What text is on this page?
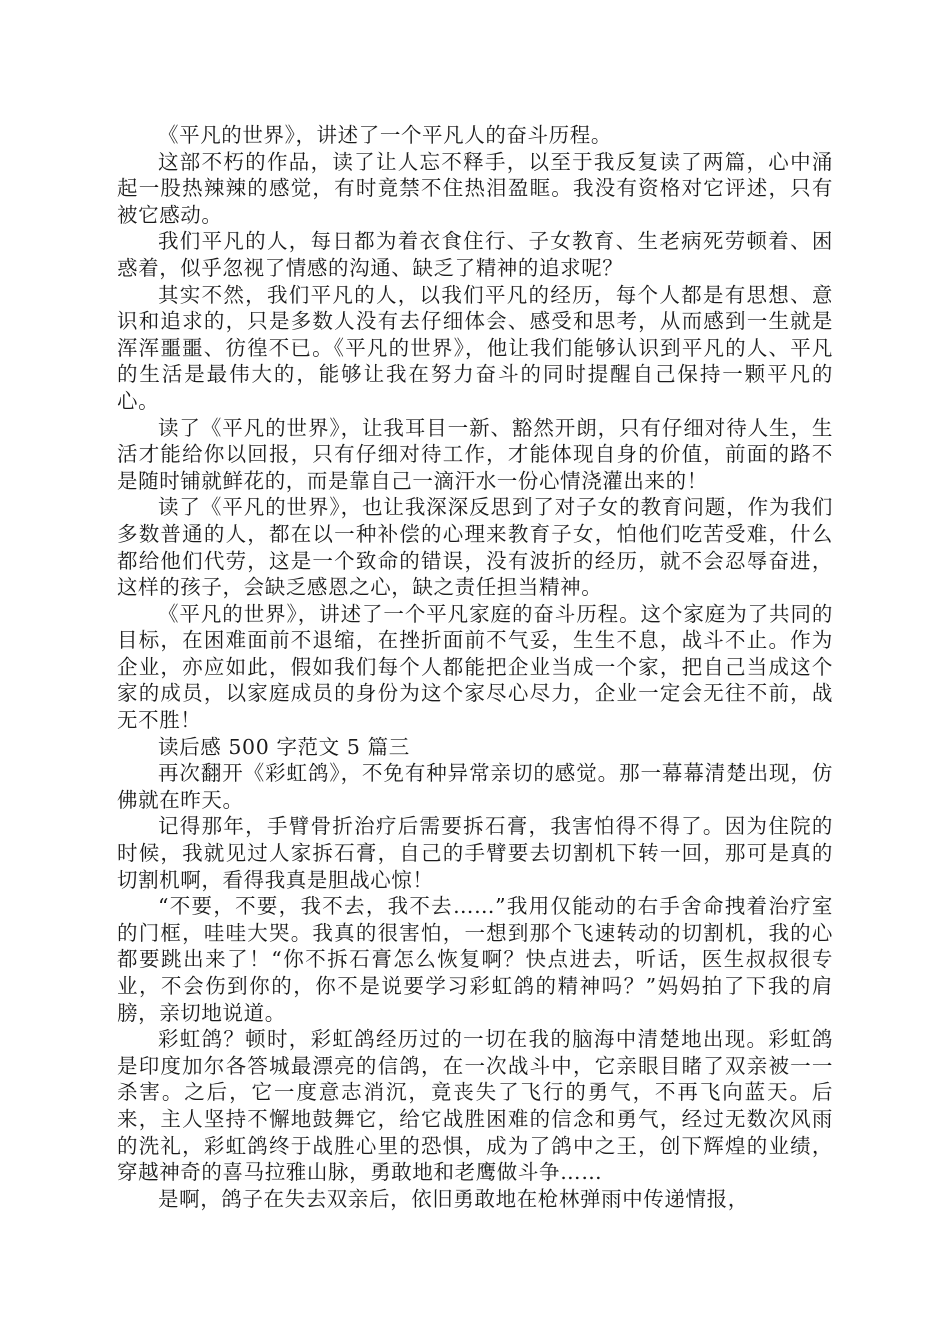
《平凡的世界》，讲述了一个平凡人的奋斗历程。

这部不朽的作品，读了让人忘不释手，以至于我反复读了两篇，心中涌起一股热辣辣的感觉，有时竟禁不住热泪盈眶。我没有资格对它评述，只有被它感动。

我们平凡的人，每日都为着衣食住行、子女教育、生老病死劳顿着、困惑着，似乎忽视了情感的沟通、缺乏了精神的追求呢？

其实不然，我们平凡的人，以我们平凡的经历，每个人都是有思想、意识和追求的，只是多数人没有去仔细体会、感受和思考，从而感到一生就是浑浑噩噩、彷徨不已。《平凡的世界》，他让我们能够认识到平凡的人、平凡的生活是最伟大的，能够让我在努力奋斗的同时提醒自己保持一颗平凡的心。

读了《平凡的世界》，让我耳目一新、豁然开朗，只有仔细对待人生，生活才能给你以回报，只有仔细对待工作，才能体现自身的价值，前面的路不是随时铺就鲜花的，而是靠自己一滴汗水一份心情浇灌出来的！

读了《平凡的世界》，也让我深深反思到了对子女的教育问题，作为我们多数普通的人，都在以一种补偿的心理来教育子女，怕他们吃苦受难，什么都给他们代劳，这是一个致命的错误，没有波折的经历，就不会忍辱奋进，这样的孩子，会缺乏感恩之心，缺之责任担当精神。

《平凡的世界》，讲述了一个平凡家庭的奋斗历程。这个家庭为了共同的目标，在困难面前不退缩，在挫折面前不气妥，生生不息，战斗不止。作为企业，亦应如此，假如我们每个人都能把企业当成一个家，把自己当成这个家的成员，以家庭成员的身份为这个家尽心尽力，企业一定会无往不前，战无不胜！

读后感 500 字范文 5 篇三

再次翻开《彩虹鸽》，不免有种异常亲切的感觉。那一幕幕清楚出现，仿佛就在昨天。

记得那年，手臂骨折治疗后需要拆石膏，我害怕得不得了。因为住院的时候，我就见过人家拆石膏，自己的手臂要去切割机下转一回，那可是真的切割机啊，看得我真是胆战心惊！

“不要，不要，我不去，我不去……”我用仅能动的右手舍命拽着治疗室的门框，哇哇大哭。我真的很害怕，一想到那个飞速转动的切割机，我的心都要跳出来了！“你不拆石膏怎么恢复啊？快点进去，听话，医生叔叔很专业，不会伤到你的，你不是说要学习彩虹鸽的精神吗？”妈妈拍了下我的肩膀，亲切地说道。

彩虹鸽？顿时，彩虹鸽经历过的一切在我的脑海中清楚地出现。彩虹鸽是印度加尔各答城最漂亮的信鸽，在一次战斗中，它亲眼目睹了双亲被一一杀害。之后，它一度意志消沉，竟丧失了飞行的勇气，不再飞向蓝天。后来，主人坚持不懈地鼓舞它，给它战胜困难的信念和勇气，经过无数次风雨的洗礼，彩虹鸽终于战胜心里的恐惧，成为了鸽中之王，创下辉煌的业绩，穿越神奇的喜马拉雅山脉，勇敢地和老鹰做斗争……

是啊，鸽子在失去双亲后，依旧勇敢地在枪林弹雨中传递情报，
